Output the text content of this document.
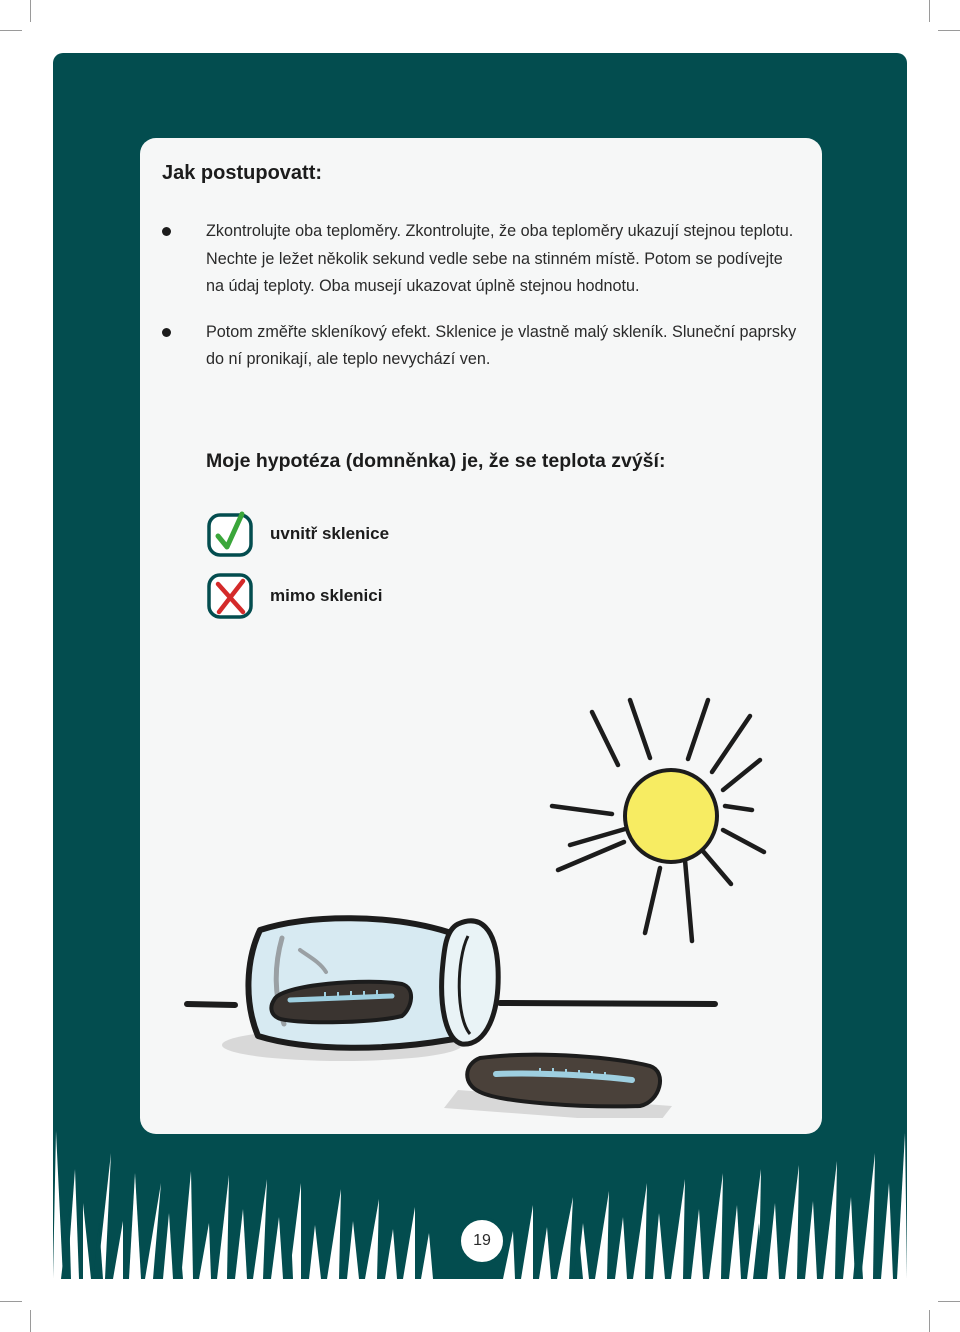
Jak postupovatt:
Zkontrolujte oba teploměry. Zkontrolujte, že oba teploměry ukazují stejnou teplotu. Nechte je ležet několik sekund vedle sebe na stinném místě. Potom se podívejte na údaj teploty. Oba musejí ukazovat úplně stejnou hodnotu.
Potom změřte skleníkový efekt. Sklenice je vlastně malý skleník. Sluneční paprsky do ní pronikají, ale teplo nevychází ven.
Moje hypotéza (domněnka) je, že se teplota zvýší:
uvnitř sklenice
mimo sklenici
19
